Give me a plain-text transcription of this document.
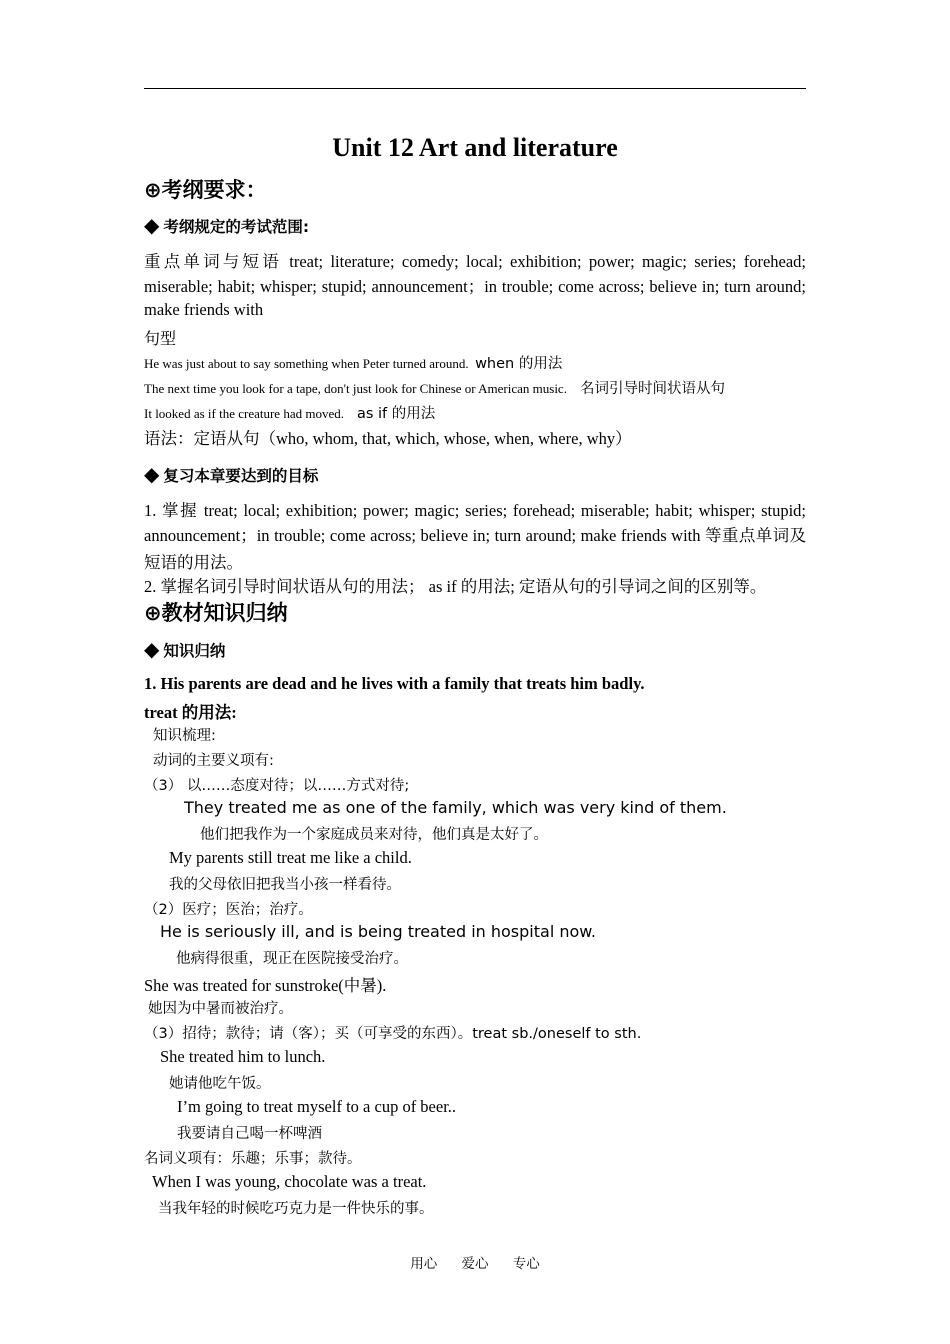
Unit 12 Art and literature
⊕考纲要求：
◆ 考纲规定的考试范围:
重点单词与短语 treat; literature; comedy; local; exhibition; power; magic; series; forehead;
miserable; habit; whisper; stupid; announcement；in trouble; come across; believe in; turn around;
make friends with
句型
He was just about to say something when Peter turned around. when 的用法
The next time you look for a tape, don't just look for Chinese or American music. 名词引导时间状语从句
It looked as if the creature had moved. as if 的用法
语法：定语从句（who, whom, that, which, whose, when, where, why）
◆ 复习本章要达到的目标
1. 掌握 treat; local; exhibition; power; magic; series; forehead; miserable; habit; whisper; stupid;
announcement；in trouble; come across; believe in; turn around; make friends with 等重点单词及
短语的用法。
2. 掌握名词引导时间状语从句的用法； as if 的用法; 定语从句的引导词之间的区别等。
⊕教材知识归纳
◆ 知识归纳
1. His parents are dead and he lives with a family that treats him badly.
treat 的用法:
知识梳理:
动词的主要义项有:
（3） 以……态度对待；以……方式对待;
They treated me as one of the family, which was very kind of them.
他们把我作为一个家庭成员来对待，他们真是太好了。
My parents still treat me like a child.
我的父母依旧把我当小孩一样看待。
（2）医疗；医治；治疗。
He is seriously ill, and is being treated in hospital now.
他病得很重，现正在医院接受治疗。
She was treated for sunstroke(中暑).
她因为中暑而被治疗。
（3）招待；款待；请（客）；买（可享受的东西）。treat sb./oneself to sth.
She treated him to lunch.
她请他吃午饭。
I’m going to treat myself to a cup of beer..
我要请自己喝一杯啤酒
名词义项有：乐趣；乐事；款待。
When I was young, chocolate was a treat.
当我年轻的时候吃巧克力是一件快乐的事。
用心 爱心 专心
